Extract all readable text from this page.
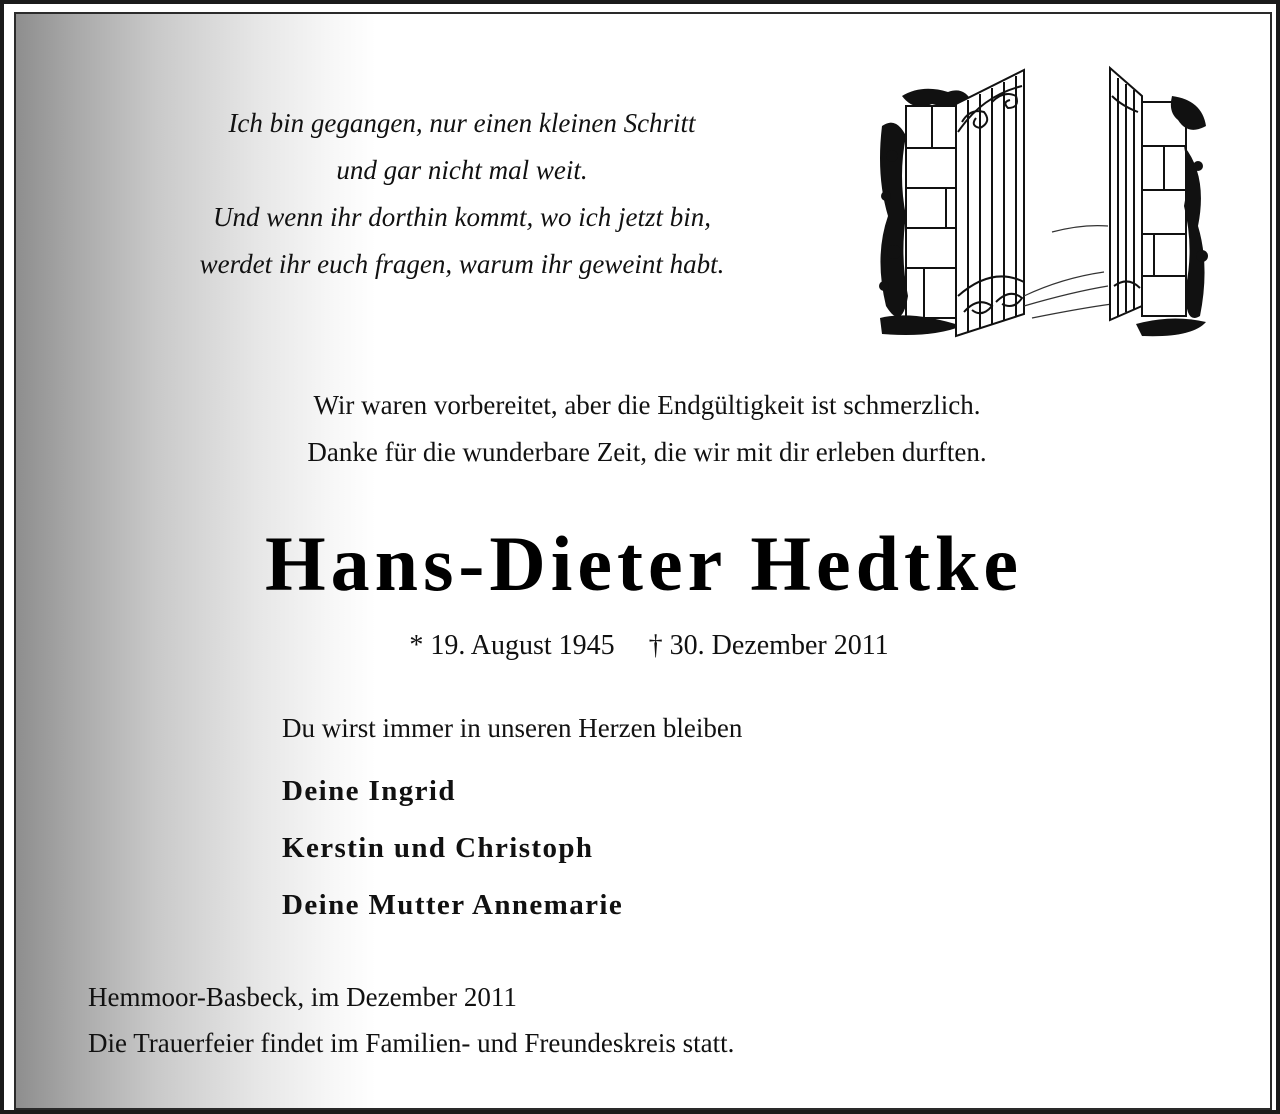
Ich bin gegangen, nur einen kleinen Schritt
und gar nicht mal weit.
Und wenn ihr dorthin kommt, wo ich jetzt bin,
werdet ihr euch fragen, warum ihr geweint habt.
Wir waren vorbereitet, aber die Endgültigkeit ist schmerzlich.
Danke für die wunderbare Zeit, die wir mit dir erleben durften.
Hans-Dieter Hedtke
* 19. August 1945 † 30. Dezember 2011
Du wirst immer in unseren Herzen bleiben
Deine Ingrid
Kerstin und Christoph
Deine Mutter Annemarie
Hemmoor-Basbeck, im Dezember 2011
Die Trauerfeier findet im Familien- und Freundeskreis statt.
